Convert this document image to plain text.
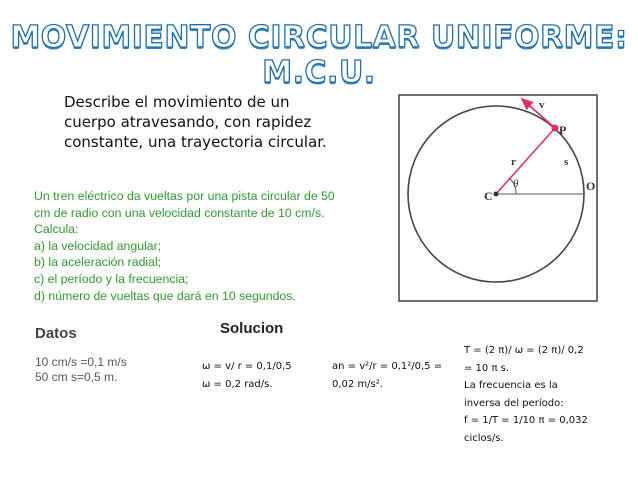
MOVIMIENTO CIRCULAR UNIFORME: M.C.U.
Describe el movimiento de un
cuerpo atravesando, con rapidez
constante, una trayectoria circular.
v
P
r	s
θ
C
O
Un tren eléctrico da vueltas por una pista circular de 50
cm de radio con una velocidad constante de 10 cm/s.
Calcula:
a) la velocidad angular;
b) la aceleración radial;
c) el período y la frecuencia;
d) número de vueltas que dará en 10 segundos.
Datos	Solucion
10 cm/s =0,1 m/s
50 cm s=0,5 m.
ω = v/ r = 0,1/0,5
ω = 0,2 rad/s.
an = v²/r = 0,1²/0,5 =
0,02 m/s².
T = (2 π)/ ω = (2 π)/ 0,2
= 10 π s.
La frecuencia es la
inversa del período:
f = 1/T = 1/10 π = 0,032
ciclos/s.
